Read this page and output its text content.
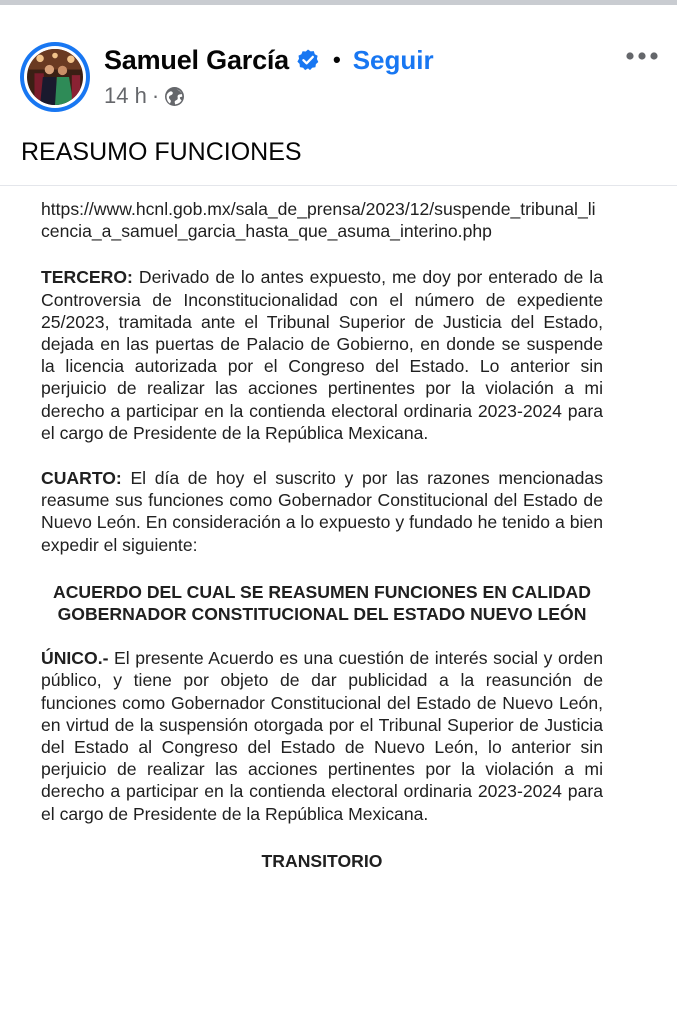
Samuel García • Seguir
14 h ·
REASUMO FUNCIONES

https://www.hcnl.gob.mx/sala_de_prensa/2023/12/suspende_tribunal_licencia_a_samuel_garcia_hasta_que_asuma_interino.php

TERCERO: Derivado de lo antes expuesto, me doy por enterado de la Controversia de Inconstitucionalidad con el número de expediente 25/2023, tramitada ante el Tribunal Superior de Justicia del Estado, dejada en las puertas de Palacio de Gobierno, en donde se suspende la licencia autorizada por el Congreso del Estado. Lo anterior sin perjuicio de realizar las acciones pertinentes por la violación a mi derecho a participar en la contienda electoral ordinaria 2023-2024 para el cargo de Presidente de la República Mexicana.

CUARTO: El día de hoy el suscrito y por las razones mencionadas reasume sus funciones como Gobernador Constitucional del Estado de Nuevo León. En consideración a lo expuesto y fundado he tenido a bien expedir el siguiente:

ACUERDO DEL CUAL SE REASUMEN FUNCIONES EN CALIDAD GOBERNADOR CONSTITUCIONAL DEL ESTADO NUEVO LEÓN

ÚNICO.- El presente Acuerdo es una cuestión de interés social y orden público, y tiene por objeto de dar publicidad a la reasunción de funciones como Gobernador Constitucional del Estado de Nuevo León, en virtud de la suspensión otorgada por el Tribunal Superior de Justicia del Estado al Congreso del Estado de Nuevo León, lo anterior sin perjuicio de realizar las acciones pertinentes por la violación a mi derecho a participar en la contienda electoral ordinaria 2023-2024 para el cargo de Presidente de la República Mexicana.

TRANSITORIO
